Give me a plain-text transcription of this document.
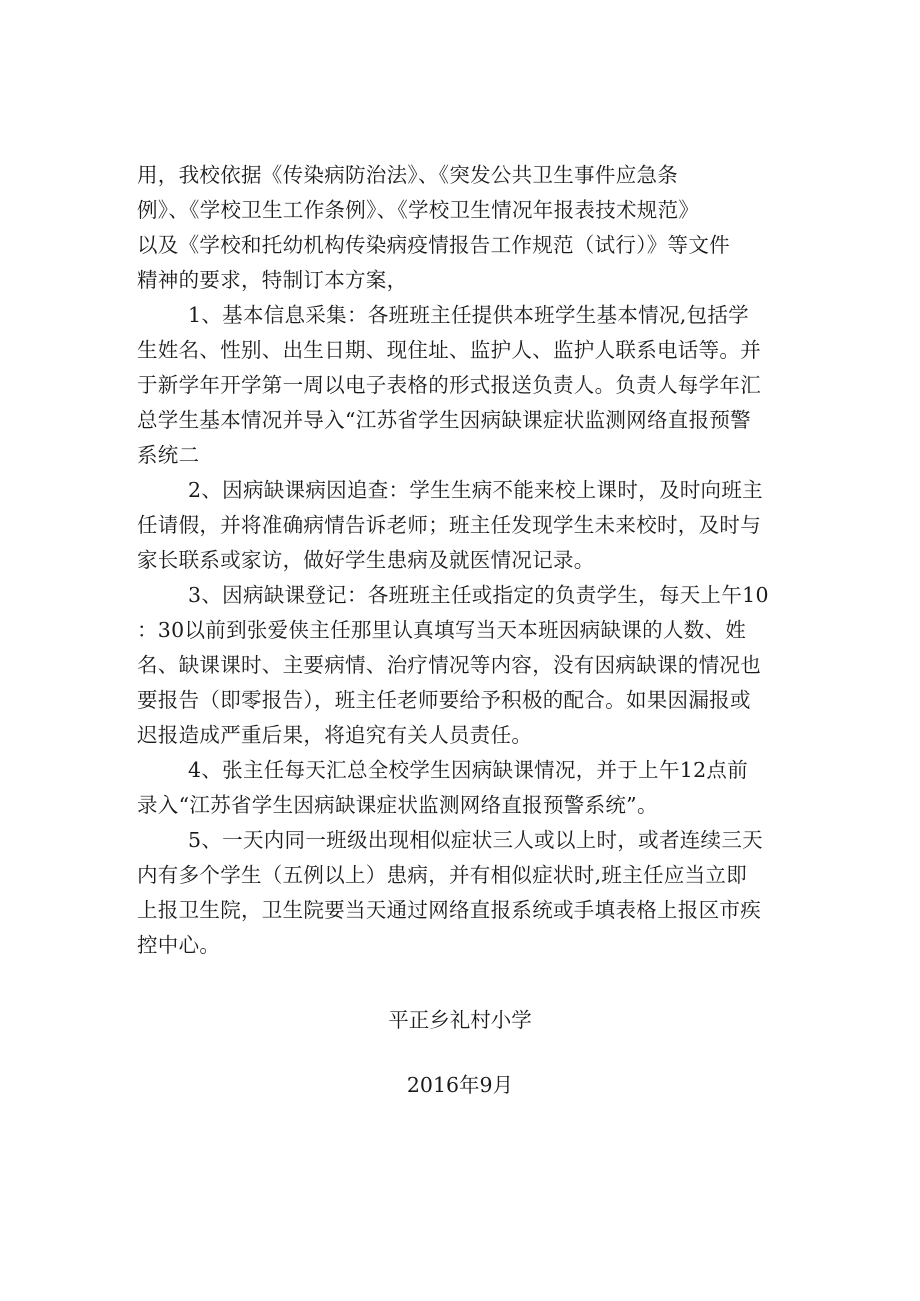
用，我校依据《传染病防治法》、《突发公共卫生事件应急条
例》、《学校卫生工作条例》、《学校卫生情况年报表技术规范》
以及《学校和托幼机构传染病疫情报告工作规范（试行）》等文件
精神的要求，特制订本方案，
1、基本信息采集：各班班主任提供本班学生基本情况,包括学
生姓名、性别、出生日期、现住址、监护人、监护人联系电话等。并
于新学年开学第一周以电子表格的形式报送负责人。负责人每学年汇
总学生基本情况并导入“江苏省学生因病缺课症状监测网络直报预警
系统二
2、因病缺课病因追查：学生生病不能来校上课时，及时向班主
任请假，并将准确病情告诉老师；班主任发现学生未来校时，及时与
家长联系或家访，做好学生患病及就医情况记录。
3、因病缺课登记：各班班主任或指定的负责学生，每天上午10
：30以前到张爱侠主任那里认真填写当天本班因病缺课的人数、姓
名、缺课课时、主要病情、治疗情况等内容，没有因病缺课的情况也
要报告（即零报告），班主任老师要给予积极的配合。如果因漏报或
迟报造成严重后果，将追究有关人员责任。
4、张主任每天汇总全校学生因病缺课情况，并于上午12点前
录入“江苏省学生因病缺课症状监测网络直报预警系统”。
5、一天内同一班级出现相似症状三人或以上时，或者连续三天
内有多个学生（五例以上）患病，并有相似症状时,班主任应当立即
上报卫生院，卫生院要当天通过网络直报系统或手填表格上报区市疾
控中心。
平正乡礼村小学
2016年9月
